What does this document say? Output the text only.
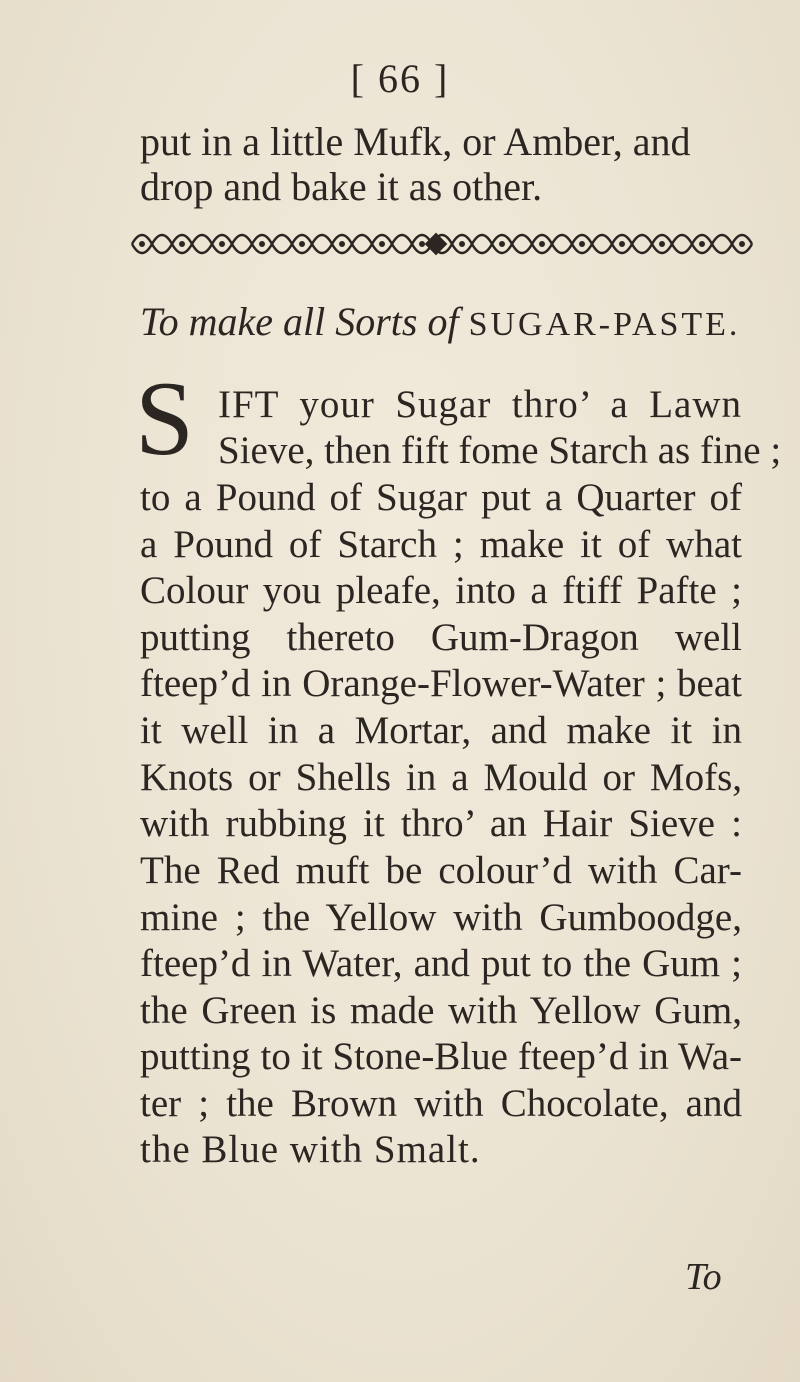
[ 66 ]
put in a little Mufk, or Amber, and
drop and bake it as other.
To make all Sorts of SUGAR-PASTE.
S IFT your Sugar thro’ a Lawn
Sieve, then fift fome Starch as fine ;
to a Pound of Sugar put a Quarter of
a Pound of Starch ; make it of what
Colour you pleafe, into a ftiff Pafte ;
putting thereto Gum-Dragon well
fteep’d in Orange-Flower-Water ; beat
it well in a Mortar, and make it in
Knots or Shells in a Mould or Mofs,
with rubbing it thro’ an Hair Sieve :
The Red muft be colour’d with Car-
mine ; the Yellow with Gumboodge,
fteep’d in Water, and put to the Gum ;
the Green is made with Yellow Gum,
putting to it Stone-Blue fteep’d in Wa-
ter ; the Brown with Chocolate, and
the Blue with Smalt.
To
